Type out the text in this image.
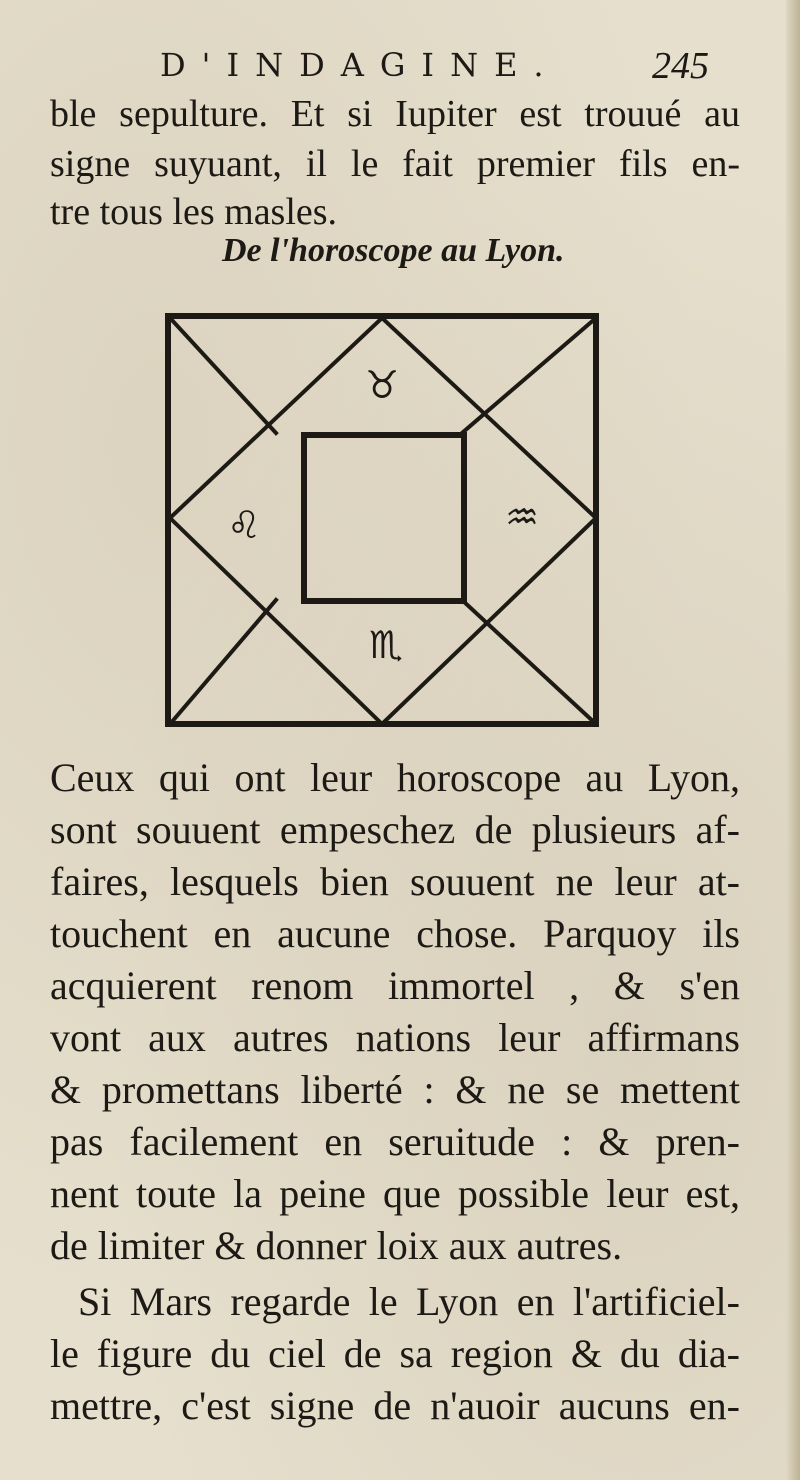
D'INDAGINE.	245
ble sepulture. Et si Iupiter est trouué au
signe suyuant, il le fait premier fils en-
tre tous les masles.
De l'horoscope au Lyon.
♉
♌	♒
♏
Ceux qui ont leur horoscope au Lyon,
sont souuent empeschez de plusieurs af-
faires, lesquels bien souuent ne leur at-
touchent en aucune chose. Parquoy ils
acquierent renom immortel , & s'en
vont aux autres nations leur affirmans
& promettans liberté : & ne se mettent
pas facilement en seruitude : & pren-
nent toute la peine que possible leur est,
de limiter & donner loix aux autres.
Si Mars regarde le Lyon en l'artificiel-
le figure du ciel de sa region & du dia-
mettre, c'est signe de n'auoir aucuns en-
